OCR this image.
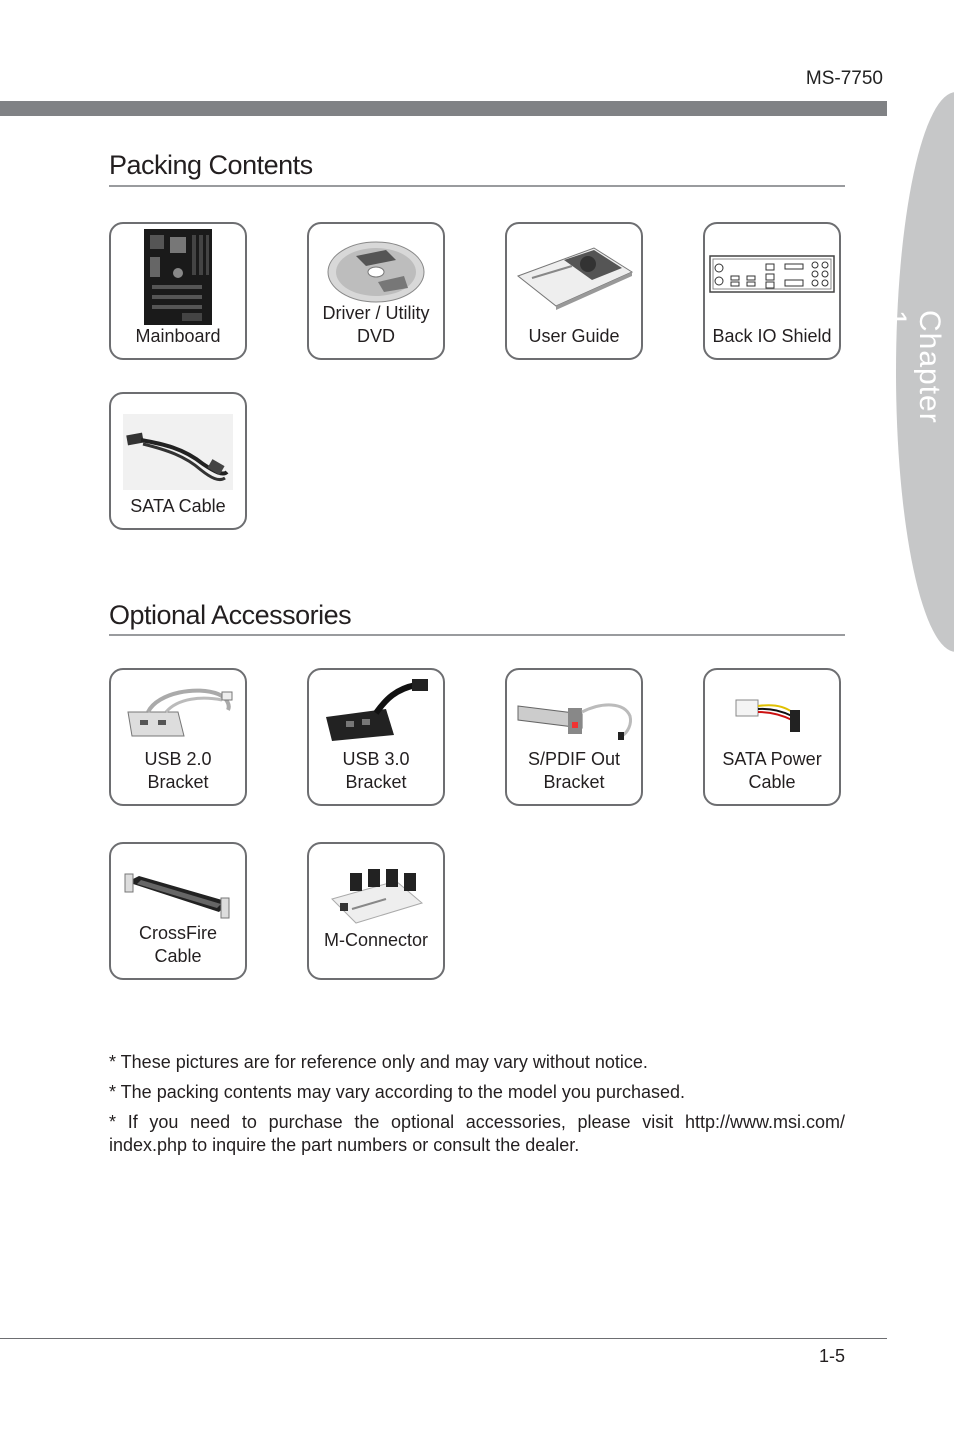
MS-7750
Chapter 1
Packing Contents
Mainboard
Driver / Utility DVD	User Guide	Back IO Shield
SATA Cable
Optional Accessories
USB 2.0 Bracket
USB 3.0 Bracket
S/PDIF Out Bracket
SATA Power Cable
CrossFire Cable
M-Connector
* These pictures are for reference only and may vary without notice.
* The packing contents may vary according to the model you purchased.
* If you need to purchase the optional accessories, please visit http://www.msi.com/ index.php to inquire the part numbers or consult the dealer.
1-5
